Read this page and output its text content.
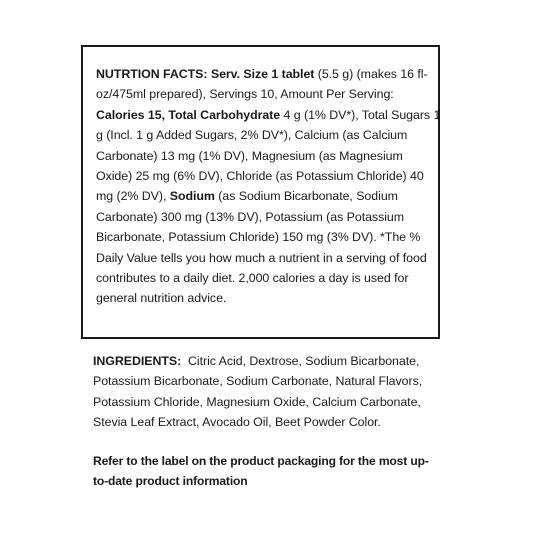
NUTRTION FACTS: Serv. Size 1 tablet (5.5 g) (makes 16 fl-oz/475ml prepared), Servings 10, Amount Per Serving: Calories 15, Total Carbohydrate 4 g (1% DV*), Total Sugars 1 g (Incl. 1 g Added Sugars, 2% DV*), Calcium (as Calcium Carbonate) 13 mg (1% DV), Magnesium (as Magnesium Oxide) 25 mg (6% DV), Chloride (as Potassium Chloride) 40 mg (2% DV), Sodium (as Sodium Bicarbonate, Sodium Carbonate) 300 mg (13% DV), Potassium (as Potassium Bicarbonate, Potassium Chloride) 150 mg (3% DV). *The % Daily Value tells you how much a nutrient in a serving of food contributes to a daily diet. 2,000 calories a day is used for general nutrition advice.
INGREDIENTS:  Citric Acid, Dextrose, Sodium Bicarbonate, Potassium Bicarbonate, Sodium Carbonate, Natural Flavors, Potassium Chloride, Magnesium Oxide, Calcium Carbonate, Stevia Leaf Extract, Avocado Oil, Beet Powder Color.
Refer to the label on the product packaging for the most up-to-date product information
